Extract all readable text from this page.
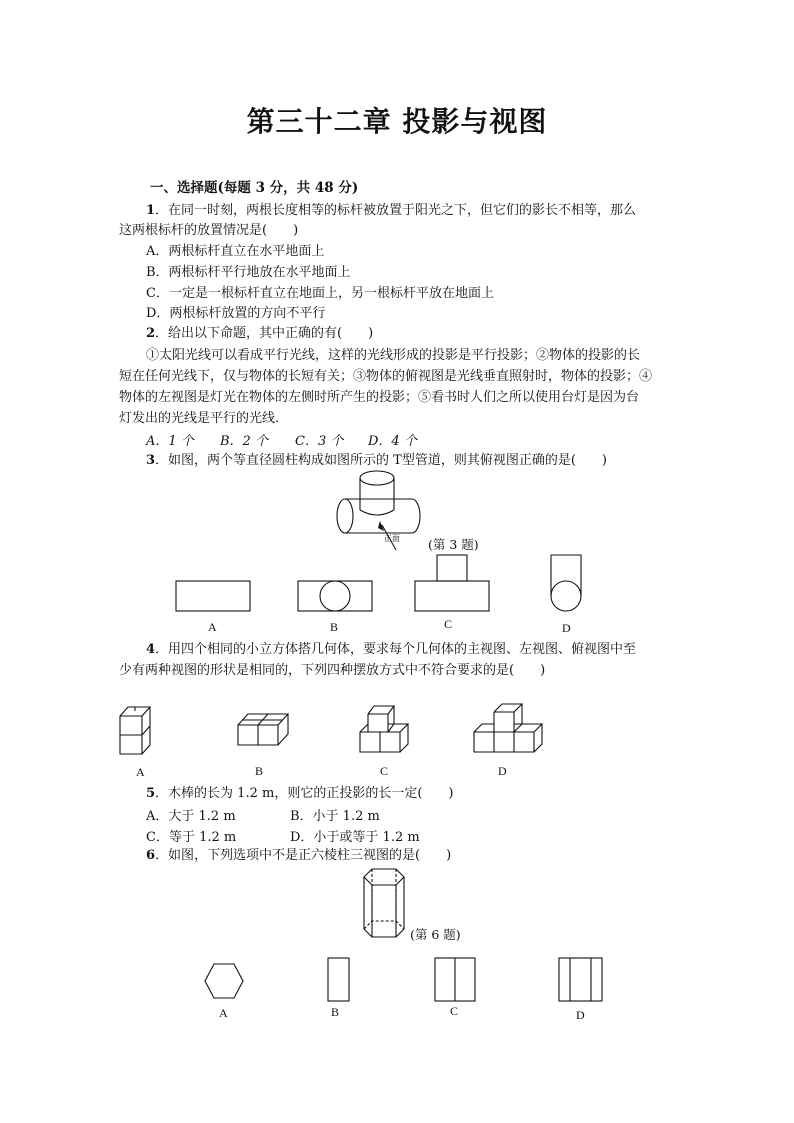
第三十二章 投影与视图
一、选择题(每题 3 分，共 48 分)
1．在同一时刻，两根长度相等的标杆被放置于阳光之下，但它们的影长不相等，那么
这两根标杆的放置情况是(　　)
A．两根标杆直立在水平地面上
B．两根标杆平行地放在水平地面上
C．一定是一根标杆直立在地面上，另一根标杆平放在地面上
D．两根标杆放置的方向不平行
2．给出以下命题，其中正确的有(　　)
①太阳光线可以看成平行光线，这样的光线形成的投影是平行投影；②物体的投影的长
短在任何光线下，仅与物体的长短有关；③物体的俯视图是光线垂直照射时，物体的投影；④
物体的左视图是灯光在物体的左侧时所产生的投影；⑤看书时人们之所以使用台灯是因为台
灯发出的光线是平行的光线．
A．1 个 B．2 个 C．3 个 D．4 个
3．如图，两个等直径圆柱构成如图所示的 T型管道，则其俯视图正确的是(　　)
正面 (第 3 题)
A	B	C	D
4．用四个相同的小立方体搭几何体，要求每个几何体的主视图、左视图、俯视图中至
少有两种视图的形状是相同的，下列四种摆放方式中不符合要求的是(　　)
A	B	C	D
5．木棒的长为 1.2 m，则它的正投影的长一定(　　)
A．大于 1.2 m	B．小于 1.2 m
C．等于 1.2 m	D．小于或等于 1.2 m
6．如图，下列选项中不是正六棱柱三视图的是(　　)
(第 6 题)
A	B	C	D
